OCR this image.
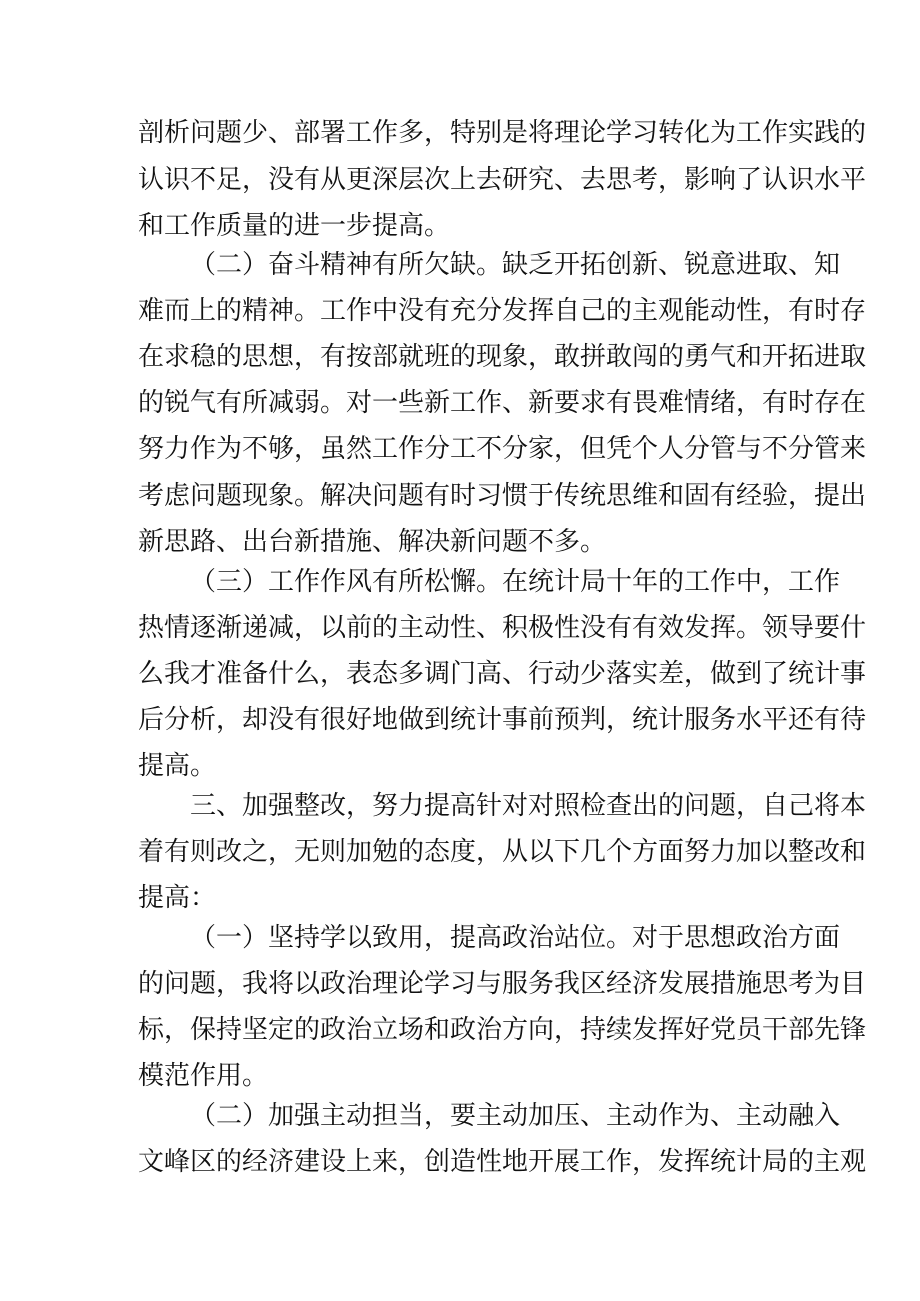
剖析问题少、部署工作多，特别是将理论学习转化为工作实践的
认识不足，没有从更深层次上去研究、去思考，影响了认识水平
和工作质量的进一步提高。
（二）奋斗精神有所欠缺。缺乏开拓创新、锐意进取、知
难而上的精神。工作中没有充分发挥自己的主观能动性，有时存
在求稳的思想，有按部就班的现象，敢拼敢闯的勇气和开拓进取
的锐气有所减弱。对一些新工作、新要求有畏难情绪，有时存在
努力作为不够，虽然工作分工不分家，但凭个人分管与不分管来
考虑问题现象。解决问题有时习惯于传统思维和固有经验，提出
新思路、出台新措施、解决新问题不多。
（三）工作作风有所松懈。在统计局十年的工作中，工作
热情逐渐递减，以前的主动性、积极性没有有效发挥。领导要什
么我才准备什么，表态多调门高、行动少落实差，做到了统计事
后分析，却没有很好地做到统计事前预判，统计服务水平还有待
提高。
三、加强整改，努力提高针对对照检查出的问题，自己将本
着有则改之，无则加勉的态度，从以下几个方面努力加以整改和
提高：
（一）坚持学以致用，提高政治站位。对于思想政治方面
的问题，我将以政治理论学习与服务我区经济发展措施思考为目
标，保持坚定的政治立场和政治方向，持续发挥好党员干部先锋
模范作用。
（二）加强主动担当，要主动加压、主动作为、主动融入
文峰区的经济建设上来，创造性地开展工作，发挥统计局的主观
